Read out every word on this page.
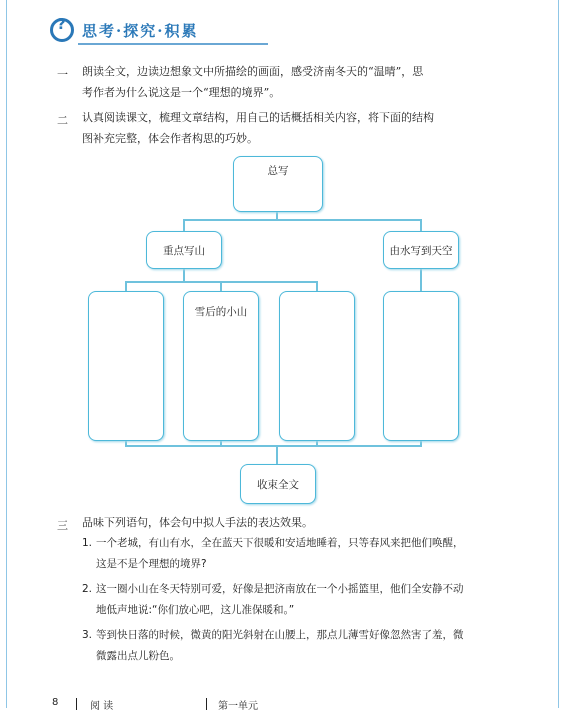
? 思考·探究·积累
一 朗读全文，边读边想象文中所描绘的画面，感受济南冬天的“温晴”，思
考作者为什么说这是一个“理想的境界”。
二 认真阅读课文，梳理文章结构，用自己的话概括相关内容，将下面的结构
图补充完整，体会作者构思的巧妙。
总写
重点写山	由水写到天空
雪后的小山
收束全文
三 品味下列语句，体会句中拟人手法的表达效果。
1. 一个老城，有山有水，全在蓝天下很暖和安适地睡着，只等春风来把他们唤醒，
这是不是个理想的境界?
2. 这一圈小山在冬天特别可爱，好像是把济南放在一个小摇篮里，他们全安静不动
地低声地说:“你们放心吧，这儿准保暖和。”
3. 等到快日落的时候，微黄的阳光斜射在山腰上，那点儿薄雪好像忽然害了羞，微
微露出点儿粉色。
8	阅 读	第一单元
